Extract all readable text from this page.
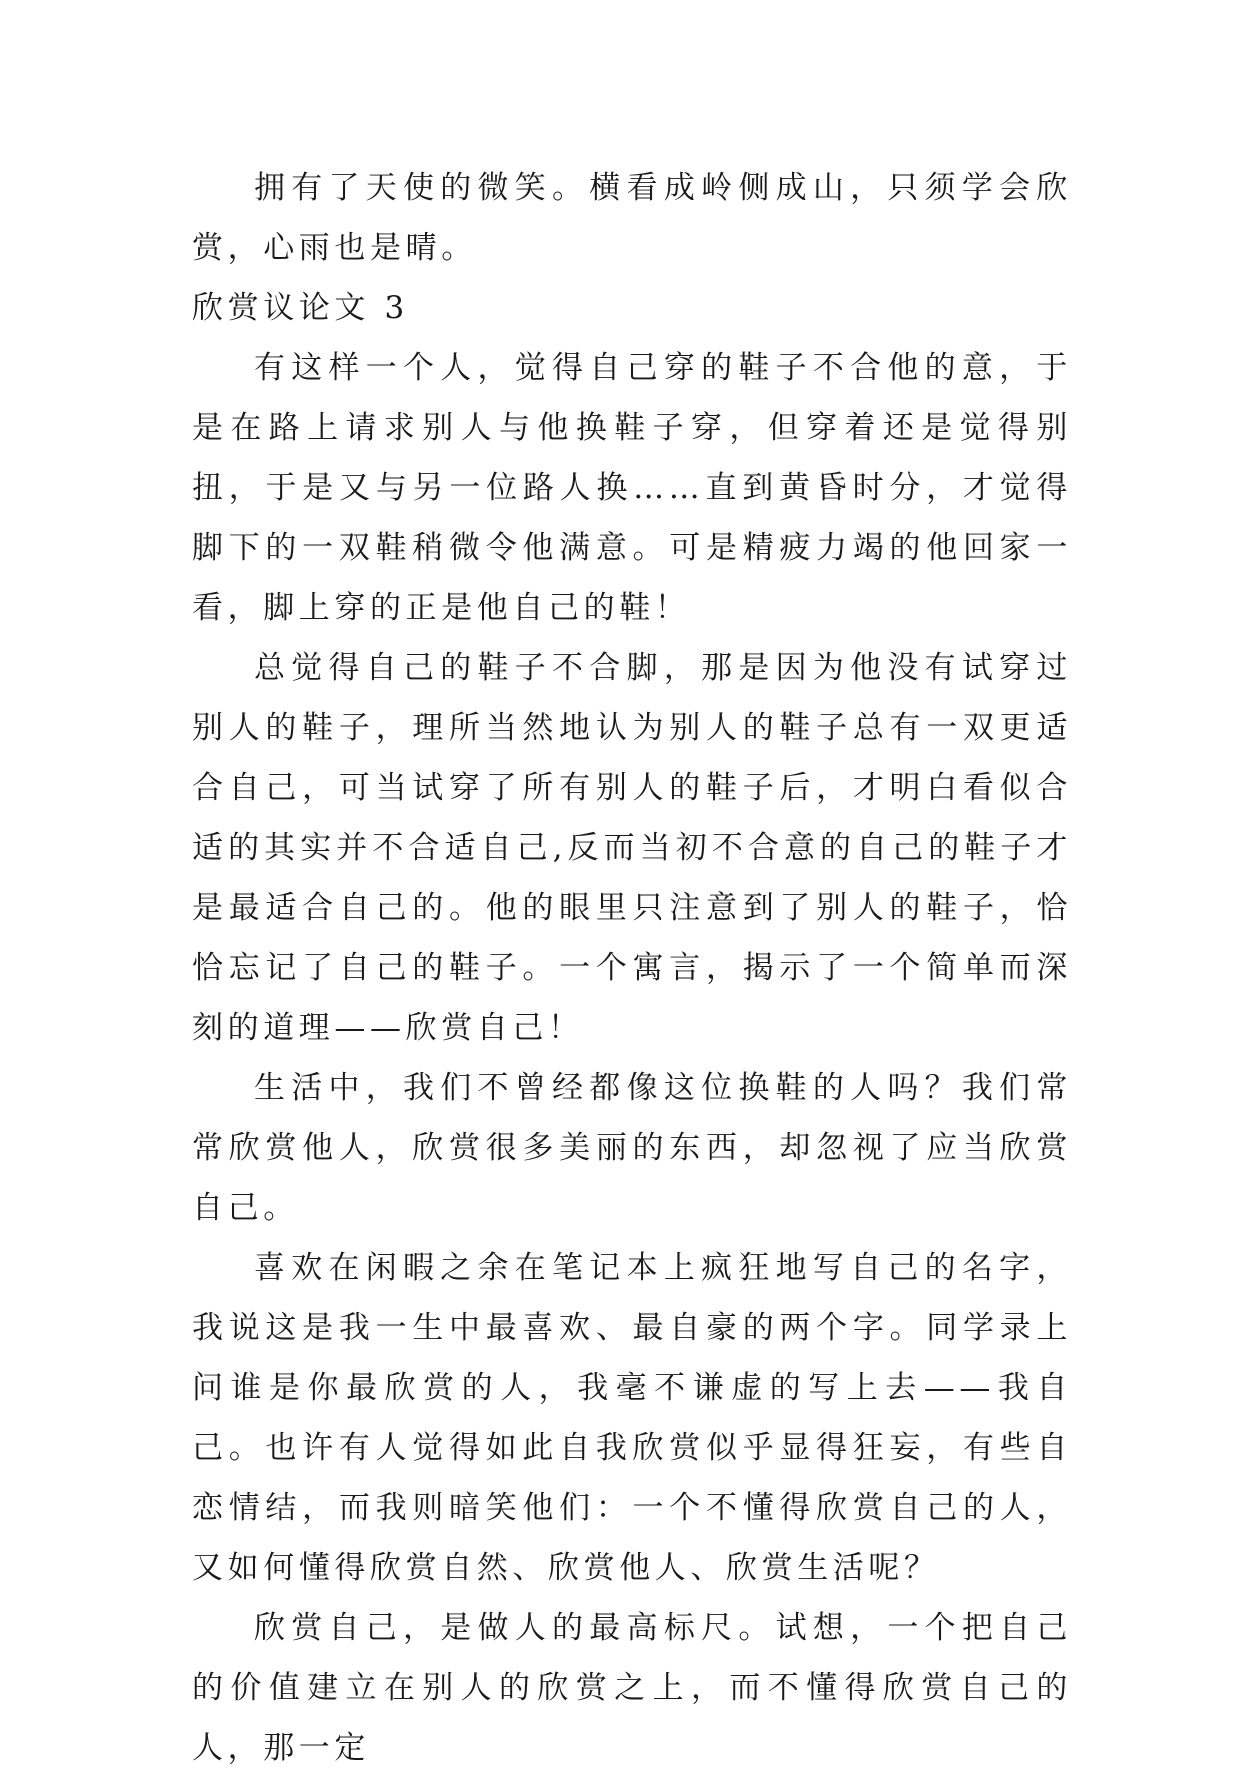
拥有了天使的微笑。横看成岭侧成山，只须学会欣赏，心雨也是晴。

欣赏议论文 3

有这样一个人，觉得自己穿的鞋子不合他的意，于是在路上请求别人与他换鞋子穿，但穿着还是觉得别扭，于是又与另一位路人换……直到黄昏时分，才觉得脚下的一双鞋稍微令他满意。可是精疲力竭的他回家一看，脚上穿的正是他自己的鞋！

总觉得自己的鞋子不合脚，那是因为他没有试穿过别人的鞋子，理所当然地认为别人的鞋子总有一双更适合自己，可当试穿了所有别人的鞋子后，才明白看似合适的其实并不合适自己,反而当初不合意的自己的鞋子才是最适合自己的。他的眼里只注意到了别人的鞋子，恰恰忘记了自己的鞋子。一个寓言，揭示了一个简单而深刻的道理——欣赏自己！

生活中，我们不曾经都像这位换鞋的人吗？我们常常欣赏他人，欣赏很多美丽的东西，却忽视了应当欣赏自己。

喜欢在闲暇之余在笔记本上疯狂地写自己的名字，我说这是我一生中最喜欢、最自豪的两个字。同学录上问谁是你最欣赏的人，我毫不谦虚的写上去——我自己。也许有人觉得如此自我欣赏似乎显得狂妄，有些自恋情结，而我则暗笑他们：一个不懂得欣赏自己的人，又如何懂得欣赏自然、欣赏他人、欣赏生活呢？

欣赏自己，是做人的最高标尺。试想，一个把自己的价值建立在别人的欣赏之上，而不懂得欣赏自己的人，那一定
